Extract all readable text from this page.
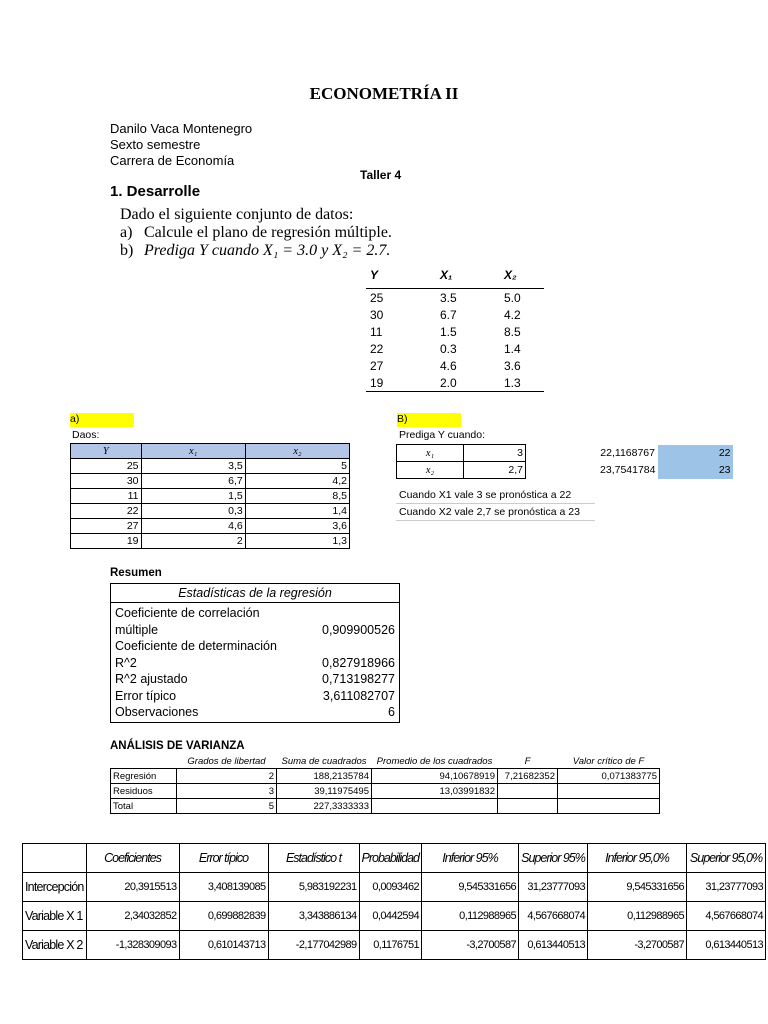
ECONOMETRÍA II
Danilo Vaca Montenegro
Sexto semestre
Carrera de Economía
Taller 4
1. Desarrolle
Dado el siguiente conjunto de datos:
a) Calcule el plano de regresión múltiple.
b) Prediga Y cuando X₁ = 3.0 y X₂ = 2.7.
Y	X₁	X₂
25	3.5	5.0
30	6.7	4.2
11	1.5	8.5
22	0.3	1.4
27	4.6	3.6
19	2.0	1.3
a)
Daos:
Y	x₁	x₂
25	3,5	5
30	6,7	4,2
11	1,5	8,5
22	0,3	1,4
27	4,6	3,6
19	2	1,3
B)
Prediga Y cuando:
x₁	3	22,1168767	22
x₂	2,7	23,7541784	23
Cuando X1 vale 3 se pronóstica a 22
Cuando X2 vale 2,7 se pronóstica a 23
Resumen
Estadísticas de la regresión
Coeficiente de correlación
múltiple	0,909900526
Coeficiente de determinación
R^2	0,827918966
R^2 ajustado	0,713198277
Error típico	3,611082707
Observaciones	6
ANÁLISIS DE VARIANZA
	Grados de libertad	Suma de cuadrados	Promedio de los cuadrados	F	Valor crítico de F
Regresión	2	188,2135784	94,10678919	7,21682352	0,071383775
Residuos	3	39,11975495	13,03991832		
Total	5	227,3333333			
	Coeficientes	Error típico	Estadístico t	Probabilidad	Inferior 95%	Superior 95%	Inferior 95,0%	Superior 95,0%
Intercepción	20,3915513	3,408139085	5,983192231	0,0093462	9,545331656	31,23777093	9,545331656	31,23777093
Variable X 1	2,34032852	0,699882839	3,343886134	0,0442594	0,112988965	4,567668074	0,112988965	4,567668074
Variable X 2	-1,328309093	0,610143713	-2,177042989	0,1176751	-3,2700587	0,613440513	-3,2700587	0,613440513
